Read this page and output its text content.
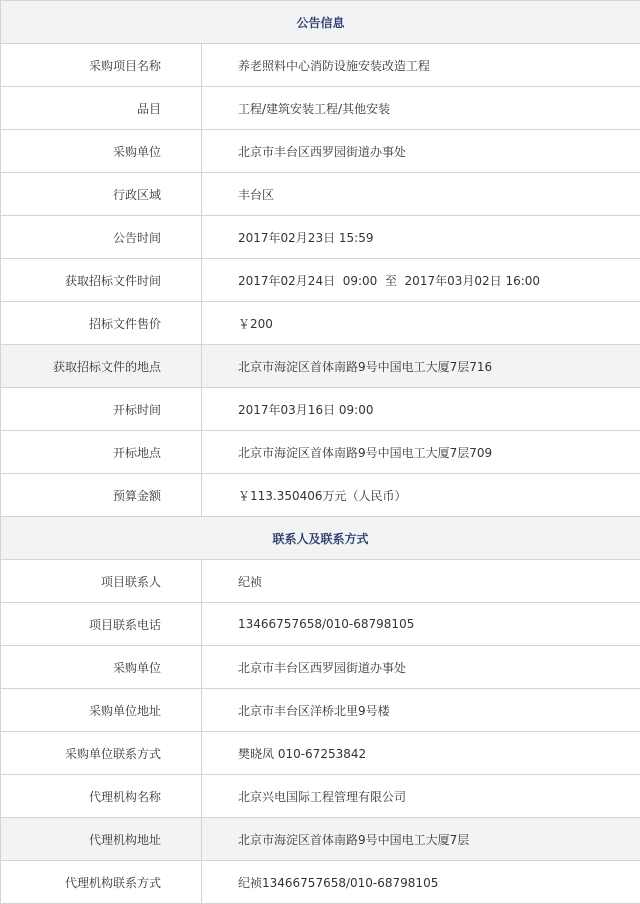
公告信息	
采购项目名称	养老照料中心消防设施安装改造工程
品目	工程/建筑安装工程/其他安装
采购单位	北京市丰台区西罗园街道办事处
行政区域	丰台区
公告时间	2017年02月23日 15:59
获取招标文件时间	2017年02月24日  09:00  至  2017年03月02日 16:00
招标文件售价	￥200
获取招标文件的地点	北京市海淀区首体南路9号中国电工大厦7层716
开标时间	2017年03月16日 09:00
开标地点	北京市海淀区首体南路9号中国电工大厦7层709
预算金额	￥113.350406万元（人民币）
联系人及联系方式	
项目联系人	纪祯
项目联系电话	13466757658/010-68798105
采购单位	北京市丰台区西罗园街道办事处
采购单位地址	北京市丰台区洋桥北里9号楼
采购单位联系方式	樊晓凤 010-67253842
代理机构名称	北京兴电国际工程管理有限公司
代理机构地址	北京市海淀区首体南路9号中国电工大厦7层
代理机构联系方式	纪祯13466757658/010-68798105
